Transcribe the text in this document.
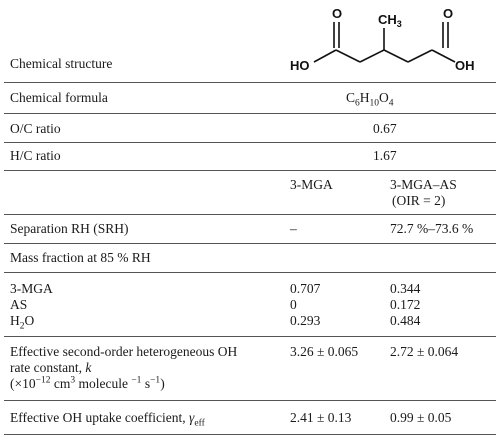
O	O
$CH_3$
HO	OH
Chemical structure
Chemical formula	$C_6H_{10}O_4$
O/C ratio	0.67
H/C ratio	1.67
3-MGA	3-MGA–AS
(OIR = 2)
Separation RH (SRH)	–	72.7 %–73.6 %
Mass fraction at 85 % RH
3-MGA	0.707	0.344
AS	0	0.172
$H_2O$	0.293	0.484
Effective second-order heterogeneous OH
rate constant, k
($\times 10^{-12}$ $cm^3$ molecule $^{-1}$ $s^{-1}$)
3.26 ± 0.065 2.72 ± 0.064
Effective OH uptake coefficient, $\gamma_{eff}$	2.41 ± 0.13	0.99 ± 0.05
